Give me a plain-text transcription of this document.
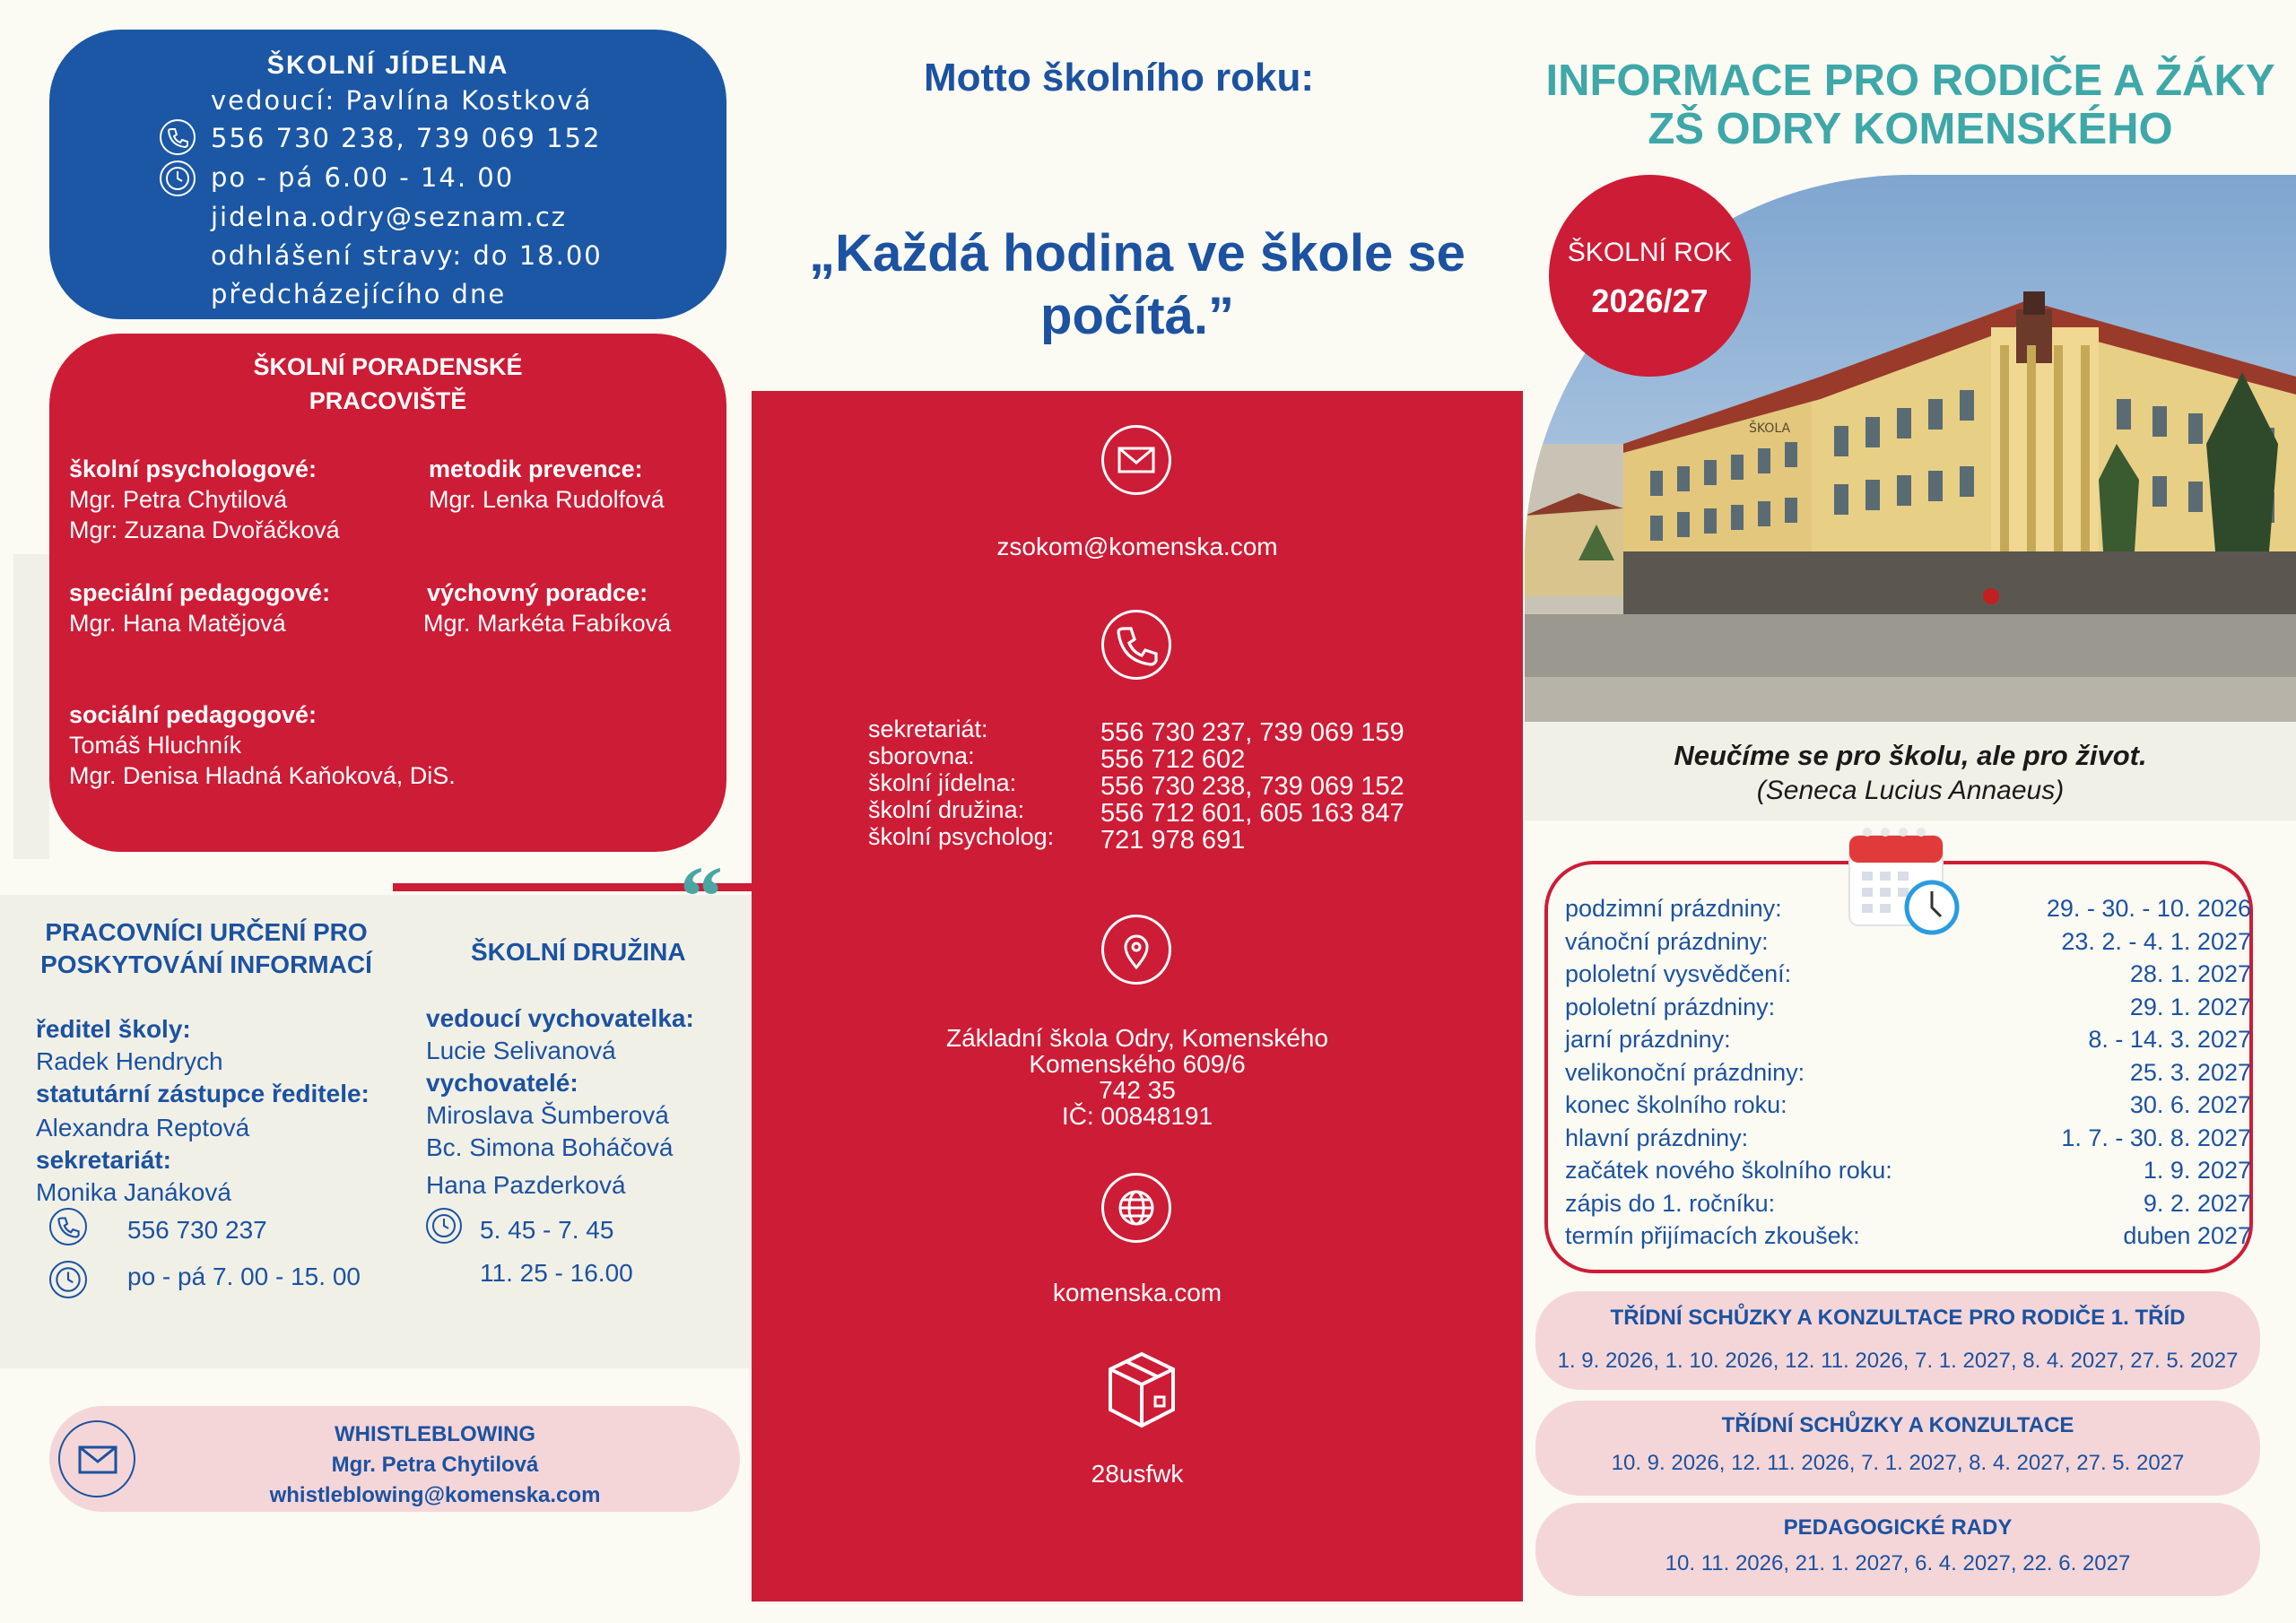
ŠKOLNÍ JÍDELNA
vedoucí: Pavlína Kostková
556 730 238, 739 069 152
po - pá 6.00 - 14. 00
jidelna.odry@seznam.cz
odhlášení stravy: do 18.00
předcházejícího dne
ŠKOLNÍ PORADENSKÉ
PRACOVIŠTĚ
školní psychologové:
Mgr. Petra Chytilová
Mgr: Zuzana Dvořáčková
metodik prevence:
Mgr. Lenka Rudolfová
speciální pedagogové:
Mgr. Hana Matějová
výchovný poradce:
Mgr. Markéta Fabíková
sociální pedagogové:
Tomáš Hluchník
Mgr. Denisa Hladná Kaňoková, DiS.
PRACOVNÍCI URČENÍ PRO
POSKYTOVÁNÍ INFORMACÍ
ředitel školy:
Radek Hendrych
statutární zástupce ředitele:
Alexandra Reptová
sekretariát:
Monika Janáková
556 730 237
po - pá 7. 00 - 15. 00
ŠKOLNÍ DRUŽINA
vedoucí vychovatelka:
Lucie Selivanová
vychovatelé:
Miroslava Šumberová
Bc. Simona Boháčová
Hana Pazderková
5. 45 - 7. 45
11. 25 - 16.00
WHISTLEBLOWING
Mgr. Petra Chytilová
whistleblowing@komenska.com
Motto školního roku:
„Každá hodina ve škole se
počítá.”
“
zsokom@komenska.com
sekretariát:	556 730 237, 739 069 159
sborovna:	556 712 602
školní jídelna:	556 730 238, 739 069 152
školní družina:	556 712 601, 605 163 847
školní psycholog: 721 978 691
Základní škola Odry, Komenského
Komenského 609/6
742 35
IČ: 00848191
komenska.com
28usfwk
INFORMACE PRO RODIČE A ŽÁKY
ZŠ ODRY KOMENSKÉHO
ŠKOLA
ŠKOLNÍ ROK
2026/27
Neučíme se pro školu, ale pro život.
(Seneca Lucius Annaeus)
podzimní prázdniny:	29. - 30. - 10. 2026
vánoční prázdniny:	23. 2. - 4. 1. 2027
pololetní vysvědčení:	28. 1. 2027
pololetní prázdniny:	29. 1. 2027
jarní prázdniny:	8. - 14. 3. 2027
velikonoční prázdniny:	25. 3. 2027
konec školního roku:	30. 6. 2027
hlavní prázdniny:	1. 7. - 30. 8. 2027
začátek nového školního roku:	1. 9. 2027
zápis do 1. ročníku:	9. 2. 2027
termín přijímacích zkoušek:	duben 2027
TŘÍDNÍ SCHŮZKY A KONZULTACE PRO RODIČE 1. TŘÍD
1. 9. 2026, 1. 10. 2026, 12. 11. 2026, 7. 1. 2027, 8. 4. 2027, 27. 5. 2027
TŘÍDNÍ SCHŮZKY A KONZULTACE
10. 9. 2026, 12. 11. 2026, 7. 1. 2027, 8. 4. 2027, 27. 5. 2027
PEDAGOGICKÉ RADY
10. 11. 2026, 21. 1. 2027, 6. 4. 2027, 22. 6. 2027
